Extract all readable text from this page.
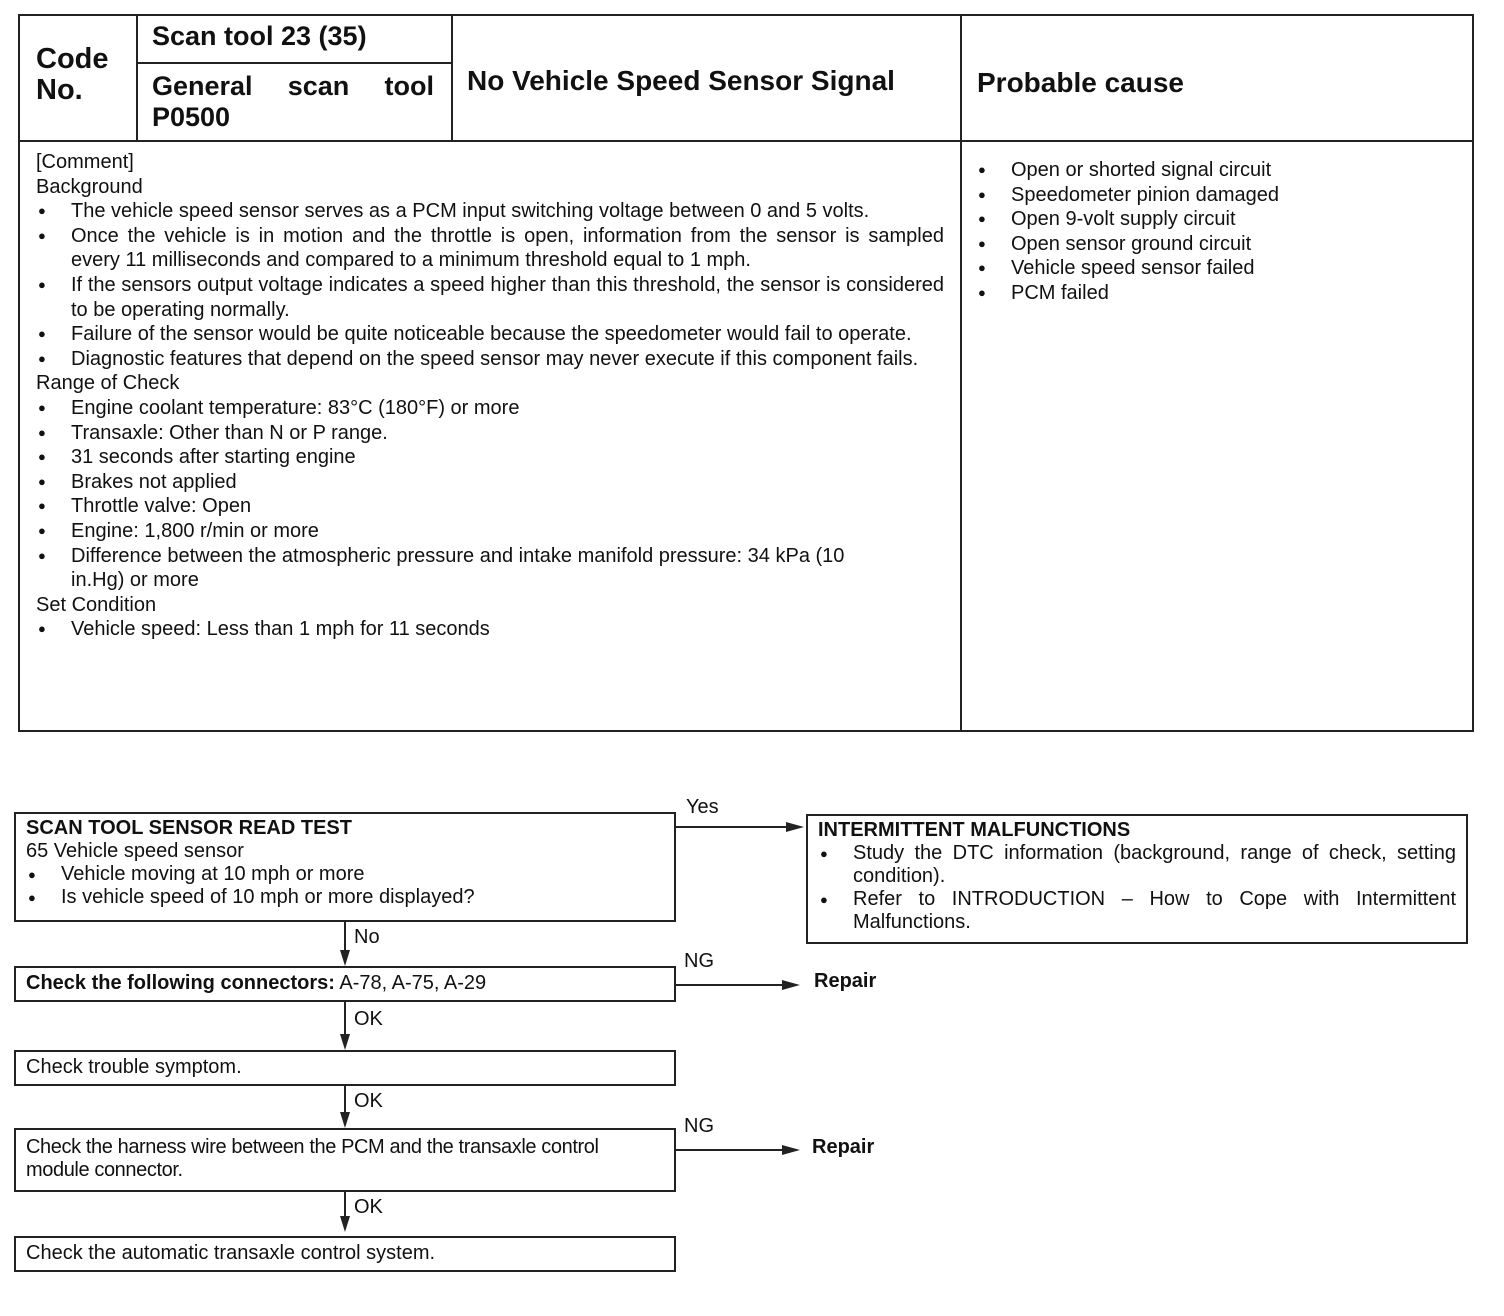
Code No.
Scan tool 23 (35)
General scan tool
P0500
No Vehicle Speed Sensor Signal	Probable cause
[Comment]
Background
● The vehicle speed sensor serves as a PCM input switching voltage between 0 and 5 volts.
● Once the vehicle is in motion and the throttle is open, information from the sensor is sampled every 11 milliseconds and compared to a minimum threshold equal to 1 mph.
● If the sensors output voltage indicates a speed higher than this threshold, the sensor is considered to be operating normally.
● Failure of the sensor would be quite noticeable because the speedometer would fail to operate.
● Diagnostic features that depend on the speed sensor may never execute if this component fails.
Range of Check
● Engine coolant temperature: 83°C (180°F) or more
● Transaxle: Other than N or P range.
● 31 seconds after starting engine
● Brakes not applied
● Throttle valve: Open
● Engine: 1,800 r/min or more
● Difference between the atmospheric pressure and intake manifold pressure: 34 kPa (10 in.Hg) or more
Set Condition
● Vehicle speed: Less than 1 mph for 11 seconds
● Open or shorted signal circuit
● Speedometer pinion damaged
● Open 9-volt supply circuit
● Open sensor ground circuit
● Vehicle speed sensor failed
● PCM failed
SCAN TOOL SENSOR READ TEST
65 Vehicle speed sensor
● Vehicle moving at 10 mph or more
● Is vehicle speed of 10 mph or more displayed?
Yes
INTERMITTENT MALFUNCTIONS
● Study the DTC information (background, range of check, setting condition).
● Refer to INTRODUCTION – How to Cope with Intermittent Malfunctions.
No
Check the following connectors: A-78, A-75, A-29
NG
Repair
OK
Check trouble symptom.
OK
Check the harness wire between the PCM and the transaxle control module connector.
NG
Repair
OK
Check the automatic transaxle control system.
